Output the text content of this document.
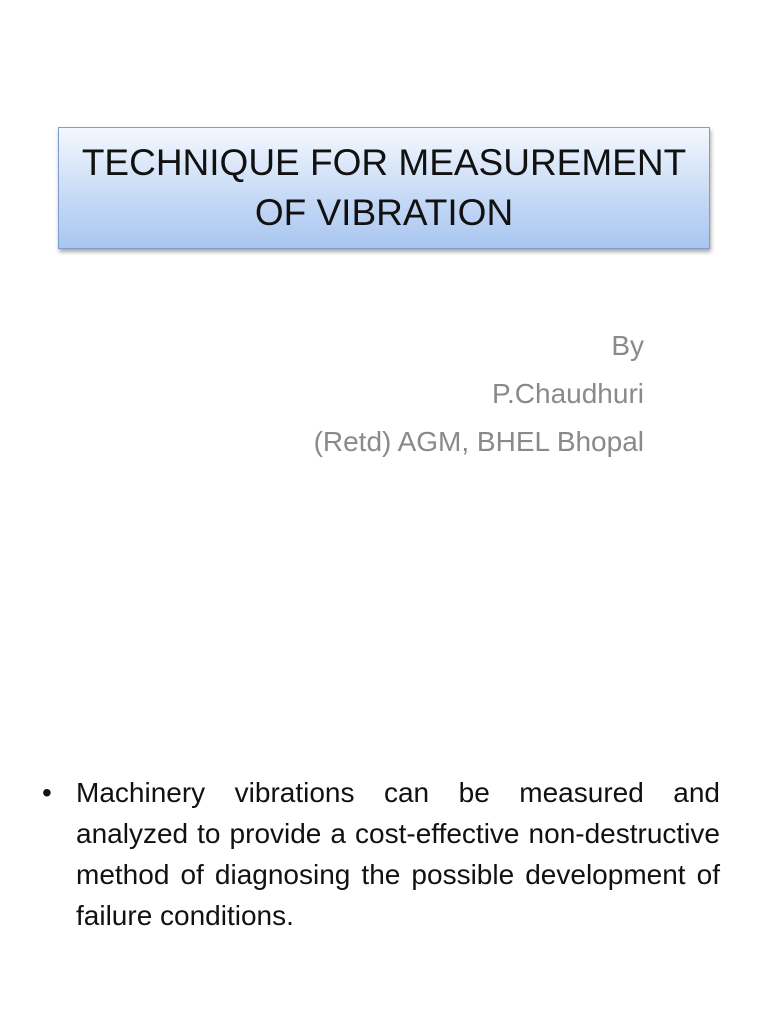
TECHNIQUE FOR MEASUREMENT
OF VIBRATION
By
P.Chaudhuri
(Retd) AGM, BHEL Bhopal
• Machinery vibrations can be measured and analyzed to provide a cost-effective non-destructive method of diagnosing the possible development of failure conditions.
